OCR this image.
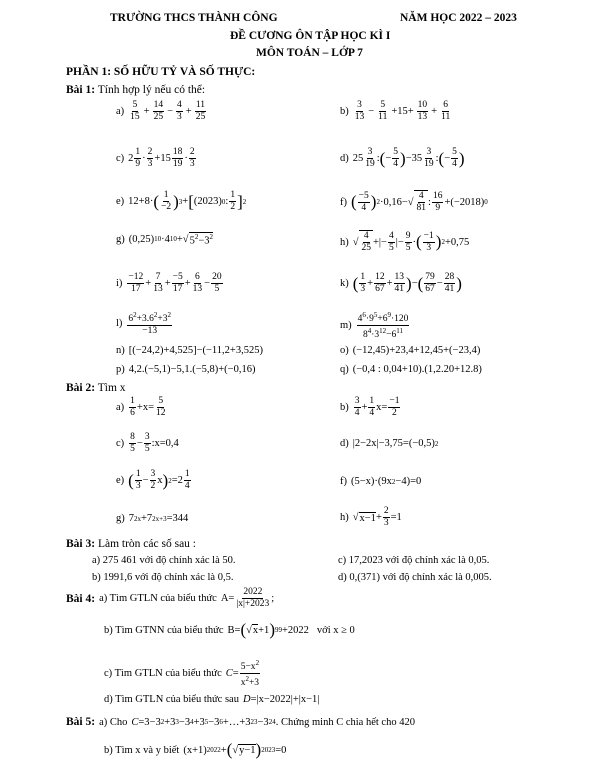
TRƯỜNG THCS THÀNH CÔNG	NĂM HỌC 2022 – 2023
ĐỀ CƯƠNG ÔN TẬP HỌC KÌ I
MÔN TOÁN – LỚP 7
PHẦN 1: SỐ HỮU TỶ VÀ SỐ THỰC:
Bài 1: Tính hợp lý nếu có thể:
a)
5
$15 + \frac{14}{25} - \frac{4}{3} + \frac{11}{25}$	b)
3
$13 - \frac{5}{11} +15+ \frac{10}{13} + \frac{6}{11}$
c) 2
1
9 ·
2
3 +15
18
19 ·
2
3	d) 25
3
19 : ( −
5
4 ) −35
3
19 : ( −
5
4 )
e) 12+8· ( 1
−2 ) 3 + [ (2023) 0 :
1
2 ] 2	f) ( −5
4 ) $2 \cdot 0,16-√ \frac{4}{81}$ :
16
9 +(−2018) 0
g) (0,25) 10 ·4 10 +√ $5^2-3^2$	h) √ $\frac{4}{25}$ +|−
4
5 |−
9
5 · ( −1
3 ) 2 +0,75
i)
−12
17 +
7
13 +
−5
17 +
6
13 −
20
5	k) ( 1
3 +
12
67 +
13
41 ) − ( 79
67 −
28
41 )
l) $6^2+3.6^2+3^2$
−13	m)
$4^6\cdot 9^5+6^9\cdot 120$
$8^4\cdot 3^{12}-6^{11}$
n) [(−24,2)+4,525]−(−11,2+3,525)	o) (−12,45)+23,4+12,45+(−23,4)
p) 4,2.(−5,1)−5,1.(−5,8)+(−0,16)	q) (−0,4 : 0,04+10).(1,2.20+12.8)
Bài 2: Tìm x
a)
1
6 +x=
5
12	b)
3
4 +
1
4 x=
−1
2
c)
8
5 −
3
5 :x=0,4	d) |2−2x|−3,75=(−0,5) 2
e) ( 1
3 −
3
2 x ) 2 =2
1
4	f) (5−x)·(9x 2 −4)=0
g) 7 2x +7 2x+3 =344	h) √ x−1 +
2
3 =1
Bài 3: Làm tròn các số sau :
a) 275 461 với độ chính xác là 50.	c) 17,2023 với độ chính xác là 0,05.
b) 1991,6 với độ chính xác là 0,5.	d) 0,(371) với độ chính xác là 0,005.
Bài 4: a) Tìm GTLN của biểu thức A=
2022
|x|+2023 ;
b) Tìm GTNN của biểu thức B= ( √ x +1 ) 99 +2022 với x ≥ 0
c) Tìm GTLN của biểu thức C =
$5-x^2$
$x^2+3$
d) Tìm GTLN của biểu thức sau D =|x−2022|+|x−1|
Bài 5: a) Cho C =3−3 2 +3 3 −3 4 +3 5 −3 6 +…+3 23 −3 24 . Chứng minh C chia hết cho 420
b) Tìm x và y biết (x+1) 2022 + ( √ y−1 ) 2023 =0
